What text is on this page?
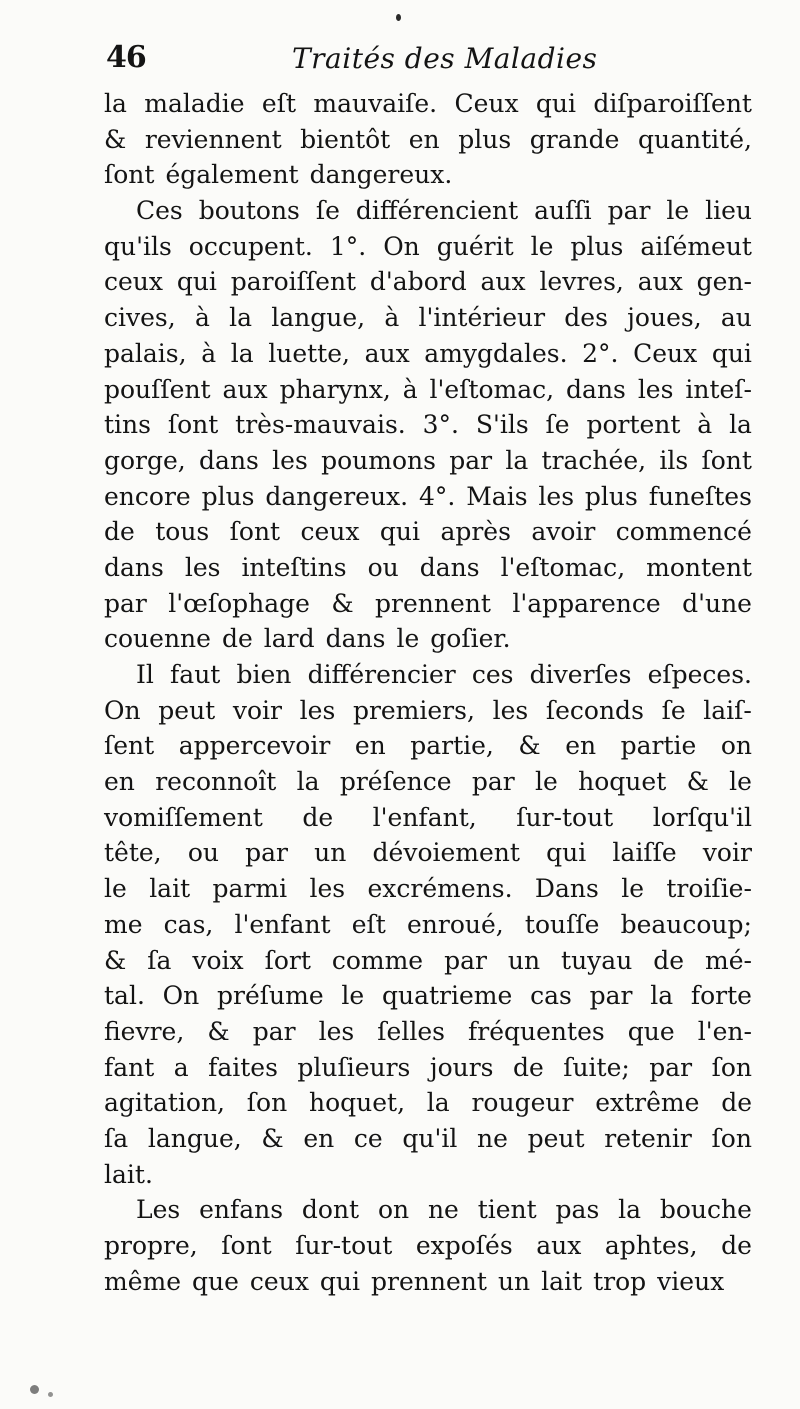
46	Traités des Maladies
la maladie eſt mauvaiſe. Ceux qui diſparoiſſent
& reviennent bientôt en plus grande quantité,
ſont également dangereux.
Ces boutons ſe différencient auſſi par le lieu
qu'ils occupent. 1°. On guérit le plus aiſémeut
ceux qui paroiſſent d'abord aux levres, aux gen-
cives, à la langue, à l'intérieur des joues, au
palais, à la luette, aux amygdales. 2°. Ceux qui
pouſſent aux pharynx, à l'eſtomac, dans les inteſ-
tins ſont très-mauvais. 3°. S'ils ſe portent à la
gorge, dans les poumons par la trachée, ils ſont
encore plus dangereux. 4°. Mais les plus funeſtes
de tous ſont ceux qui après avoir commencé
dans les inteſtins ou dans l'eſtomac, montent
par l'œſophage & prennent l'apparence d'une
couenne de lard dans le goſier.
Il faut bien différencier ces diverſes eſpeces.
On peut voir les premiers, les ſeconds ſe laiſ-
ſent appercevoir en partie, & en partie on
en reconnoît la préſence par le hoquet & le
vomiſſement de l'enfant, ſur-tout lorſqu'il
tête, ou par un dévoiement qui laiſſe voir
le lait parmi les excrémens. Dans le troiſie-
me cas, l'enfant eſt enroué, touſſe beaucoup;
& ſa voix ſort comme par un tuyau de mé-
tal. On préſume le quatrieme cas par la forte
fievre, & par les ſelles fréquentes que l'en-
fant a faites pluſieurs jours de ſuite; par ſon
agitation, ſon hoquet, la rougeur extrême de
ſa langue, & en ce qu'il ne peut retenir ſon
lait.
Les enfans dont on ne tient pas la bouche
propre, ſont ſur-tout expoſés aux aphtes, de
même que ceux qui prennent un lait trop vieux
